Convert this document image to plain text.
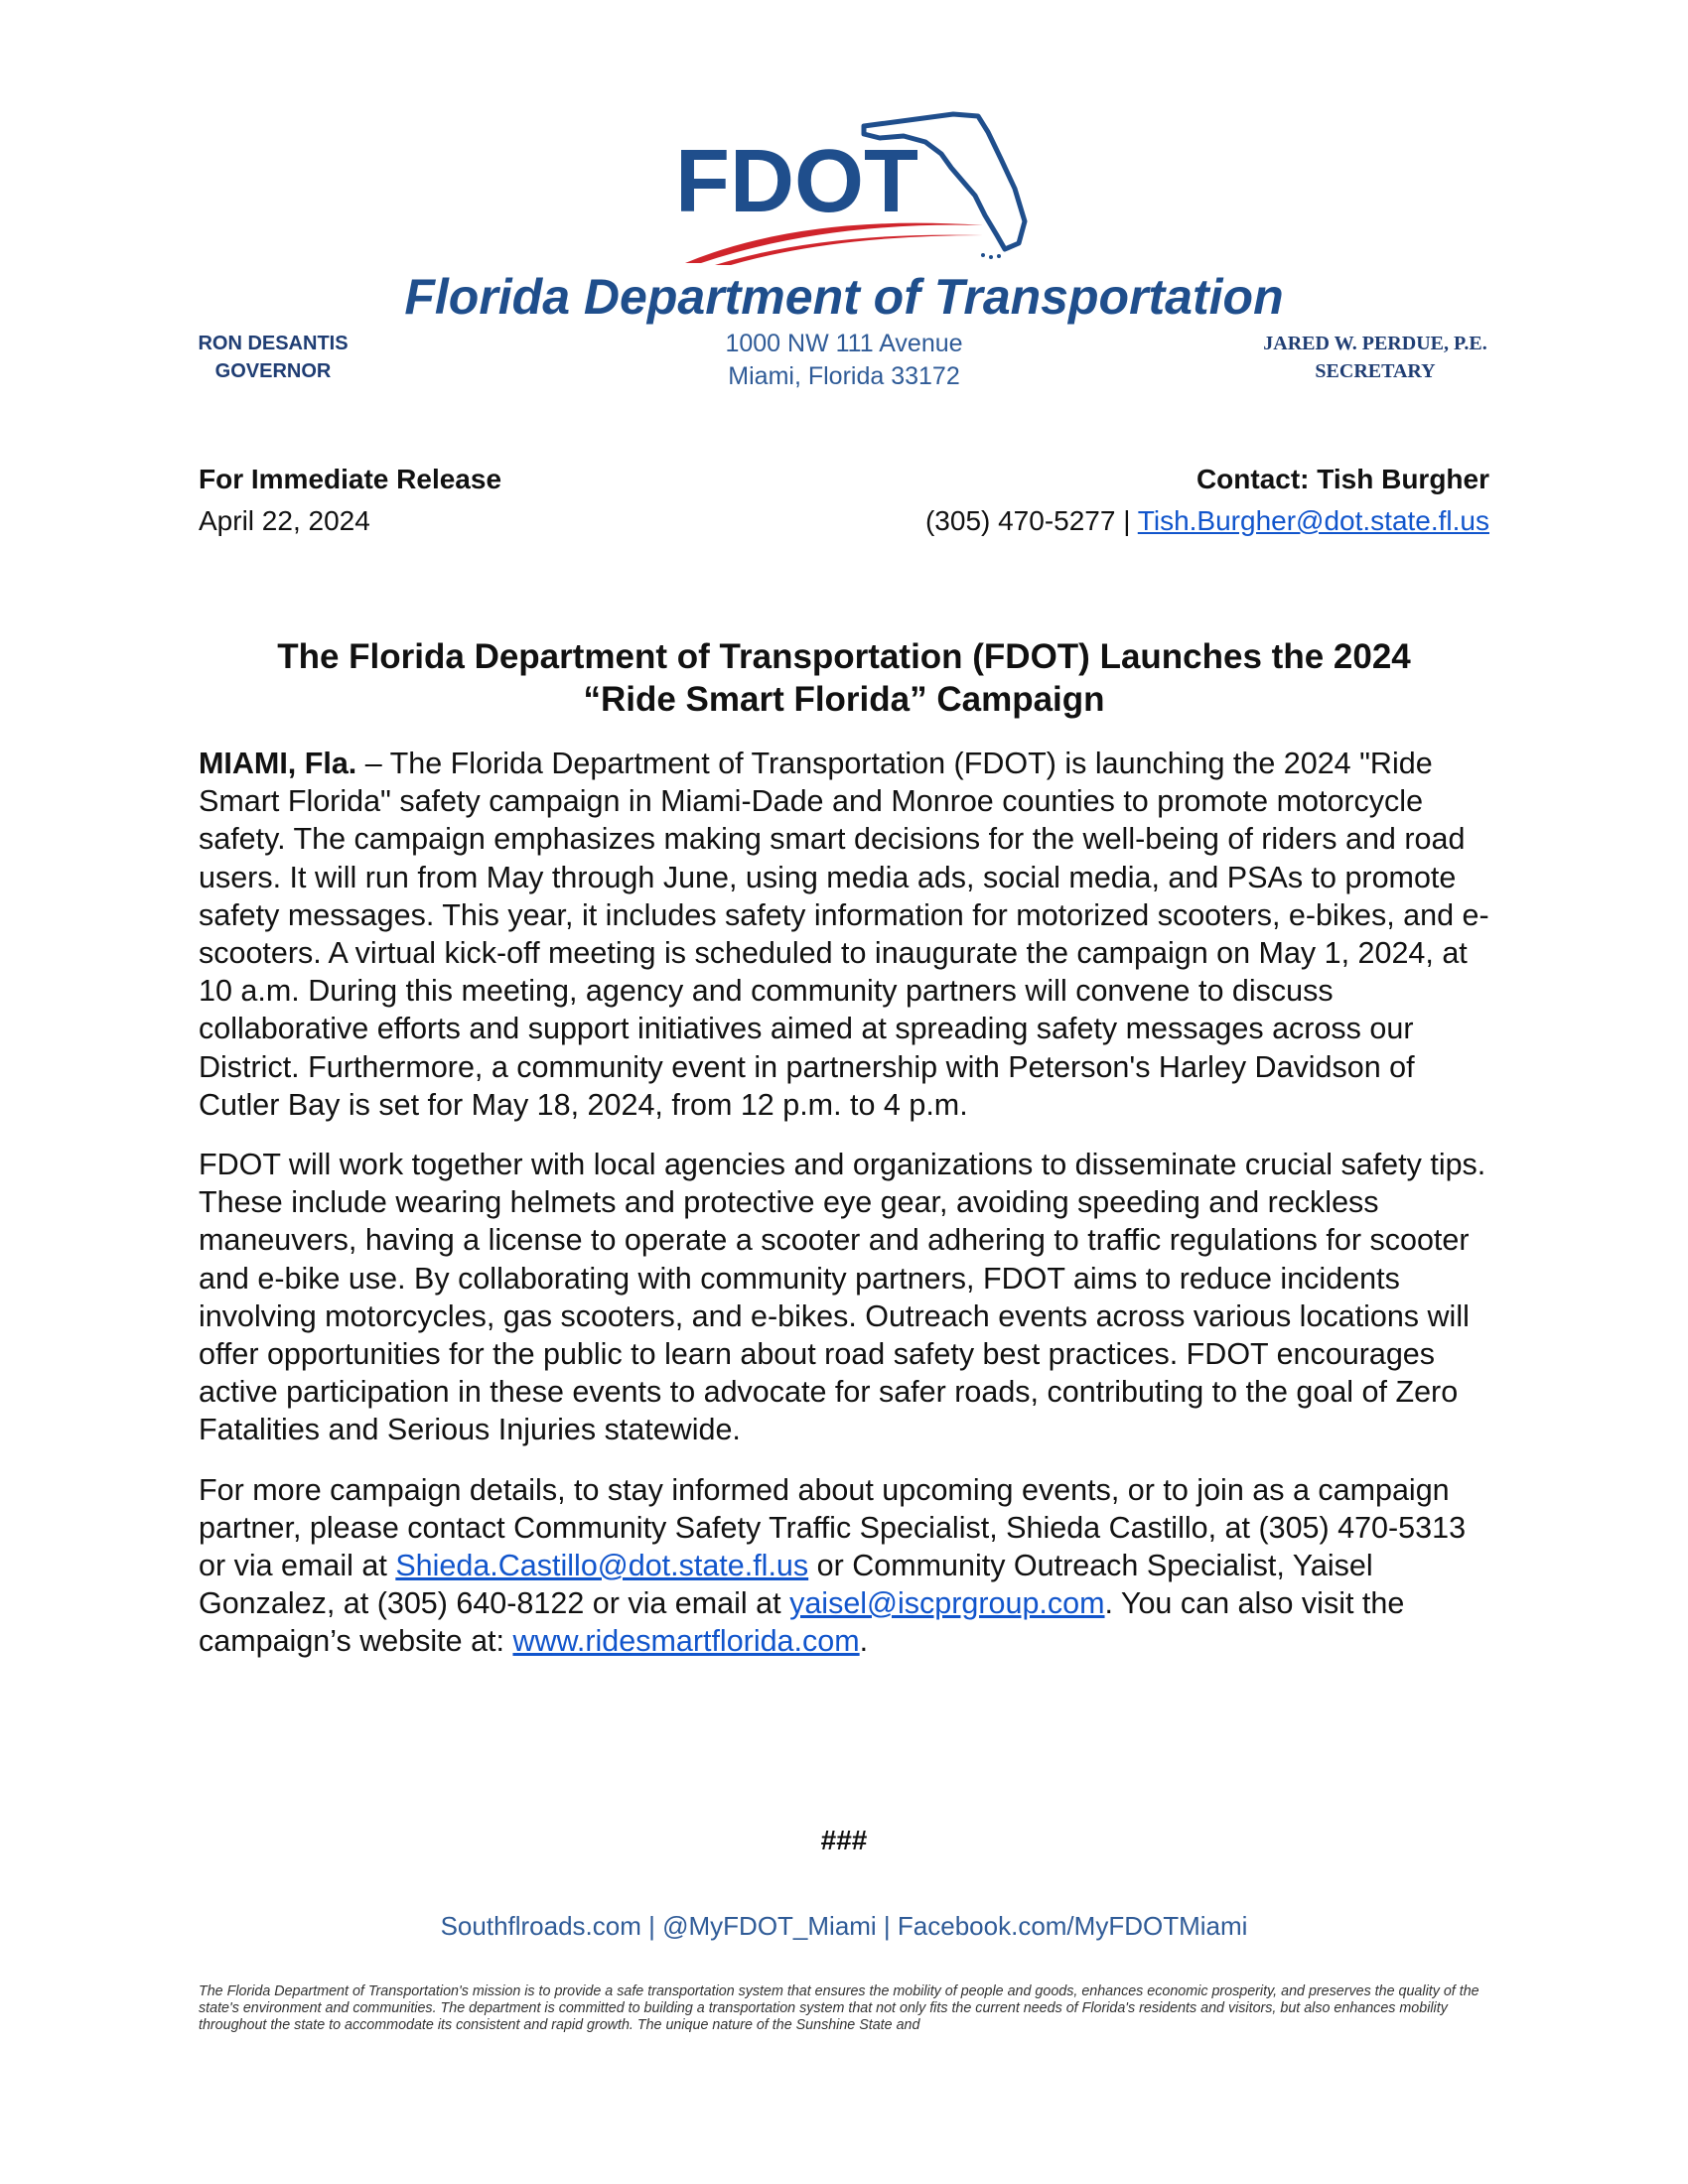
FDOT
Florida Department of Transportation
RON DESANTIS
GOVERNOR
1000 NW 111 Avenue
Miami, Florida 33172
JARED W. PERDUE, P.E.
SECRETARY
For Immediate Release
April 22, 2024
Contact: Tish Burgher
(305) 470-5277 | Tish.Burgher@dot.state.fl.us
The Florida Department of Transportation (FDOT) Launches the 2024
“Ride Smart Florida” Campaign

MIAMI, Fla. – The Florida Department of Transportation (FDOT) is launching the 2024 "Ride Smart Florida" safety campaign in Miami-Dade and Monroe counties to promote motorcycle safety. The campaign emphasizes making smart decisions for the well-being of riders and road users. It will run from May through June, using media ads, social media, and PSAs to promote safety messages. This year, it includes safety information for motorized scooters, e-bikes, and e-scooters. A virtual kick-off meeting is scheduled to inaugurate the campaign on May 1, 2024, at 10 a.m. During this meeting, agency and community partners will convene to discuss collaborative efforts and support initiatives aimed at spreading safety messages across our District. Furthermore, a community event in partnership with Peterson's Harley Davidson of Cutler Bay is set for May 18, 2024, from 12 p.m. to 4 p.m.

FDOT will work together with local agencies and organizations to disseminate crucial safety tips. These include wearing helmets and protective eye gear, avoiding speeding and reckless maneuvers, having a license to operate a scooter and adhering to traffic regulations for scooter and e-bike use. By collaborating with community partners, FDOT aims to reduce incidents involving motorcycles, gas scooters, and e-bikes. Outreach events across various locations will offer opportunities for the public to learn about road safety best practices. FDOT encourages active participation in these events to advocate for safer roads, contributing to the goal of Zero Fatalities and Serious Injuries statewide.

For more campaign details, to stay informed about upcoming events, or to join as a campaign partner, please contact Community Safety Traffic Specialist, Shieda Castillo, at (305) 470-5313 or via email at Shieda.Castillo@dot.state.fl.us or Community Outreach Specialist, Yaisel Gonzalez, at (305) 640-8122 or via email at yaisel@iscprgroup.com. You can also visit the campaign’s website at: www.ridesmartflorida.com.

###
Southflroads.com | @MyFDOT_Miami | Facebook.com/MyFDOTMiami
The Florida Department of Transportation's mission is to provide a safe transportation system that ensures the mobility of people and goods, enhances economic prosperity, and preserves the quality of the state's environment and communities. The department is committed to building a transportation system that not only fits the current needs of Florida's residents and visitors, but also enhances mobility throughout the state to accommodate its consistent and rapid growth. The unique nature of the Sunshine State and
